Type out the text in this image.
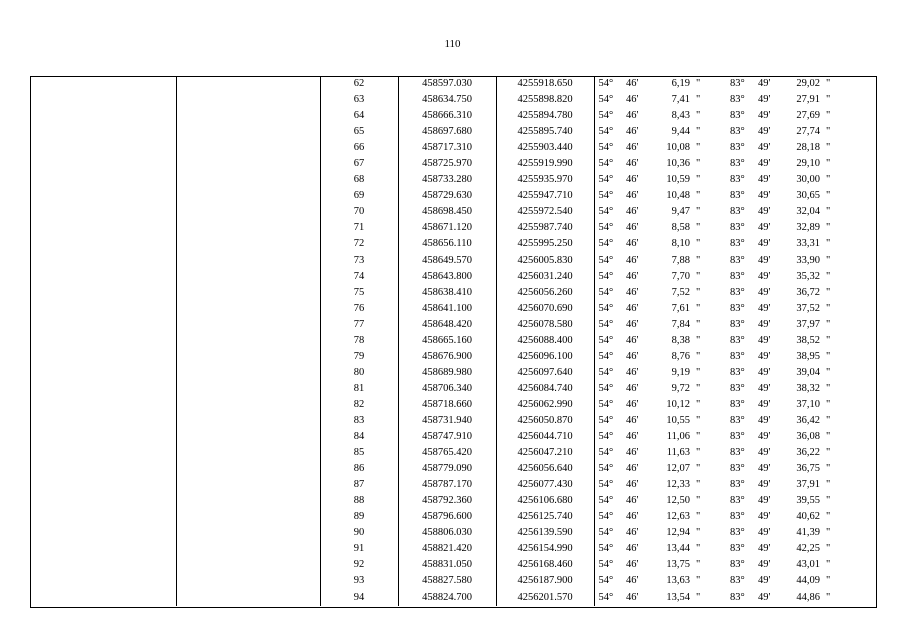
110
		62	458597.030	4255918.650	54°	46'	6,19	"	83°	49'	29,02	"
		63	458634.750	4255898.820	54°	46'	7,41	"	83°	49'	27,91	"
		64	458666.310	4255894.780	54°	46'	8,43	"	83°	49'	27,69	"
		65	458697.680	4255895.740	54°	46'	9,44	"	83°	49'	27,74	"
		66	458717.310	4255903.440	54°	46'	10,08	"	83°	49'	28,18	"
		67	458725.970	4255919.990	54°	46'	10,36	"	83°	49'	29,10	"
		68	458733.280	4255935.970	54°	46'	10,59	"	83°	49'	30,00	"
		69	458729.630	4255947.710	54°	46'	10,48	"	83°	49'	30,65	"
		70	458698.450	4255972.540	54°	46'	9,47	"	83°	49'	32,04	"
		71	458671.120	4255987.740	54°	46'	8,58	"	83°	49'	32,89	"
		72	458656.110	4255995.250	54°	46'	8,10	"	83°	49'	33,31	"
		73	458649.570	4256005.830	54°	46'	7,88	"	83°	49'	33,90	"
		74	458643.800	4256031.240	54°	46'	7,70	"	83°	49'	35,32	"
		75	458638.410	4256056.260	54°	46'	7,52	"	83°	49'	36,72	"
		76	458641.100	4256070.690	54°	46'	7,61	"	83°	49'	37,52	"
		77	458648.420	4256078.580	54°	46'	7,84	"	83°	49'	37,97	"
		78	458665.160	4256088.400	54°	46'	8,38	"	83°	49'	38,52	"
		79	458676.900	4256096.100	54°	46'	8,76	"	83°	49'	38,95	"
		80	458689.980	4256097.640	54°	46'	9,19	"	83°	49'	39,04	"
		81	458706.340	4256084.740	54°	46'	9,72	"	83°	49'	38,32	"
		82	458718.660	4256062.990	54°	46'	10,12	"	83°	49'	37,10	"
		83	458731.940	4256050.870	54°	46'	10,55	"	83°	49'	36,42	"
		84	458747.910	4256044.710	54°	46'	11,06	"	83°	49'	36,08	"
		85	458765.420	4256047.210	54°	46'	11,63	"	83°	49'	36,22	"
		86	458779.090	4256056.640	54°	46'	12,07	"	83°	49'	36,75	"
		87	458787.170	4256077.430	54°	46'	12,33	"	83°	49'	37,91	"
		88	458792.360	4256106.680	54°	46'	12,50	"	83°	49'	39,55	"
		89	458796.600	4256125.740	54°	46'	12,63	"	83°	49'	40,62	"
		90	458806.030	4256139.590	54°	46'	12,94	"	83°	49'	41,39	"
		91	458821.420	4256154.990	54°	46'	13,44	"	83°	49'	42,25	"
		92	458831.050	4256168.460	54°	46'	13,75	"	83°	49'	43,01	"
		93	458827.580	4256187.900	54°	46'	13,63	"	83°	49'	44,09	"
		94	458824.700	4256201.570	54°	46'	13,54	"	83°	49'	44,86	"
